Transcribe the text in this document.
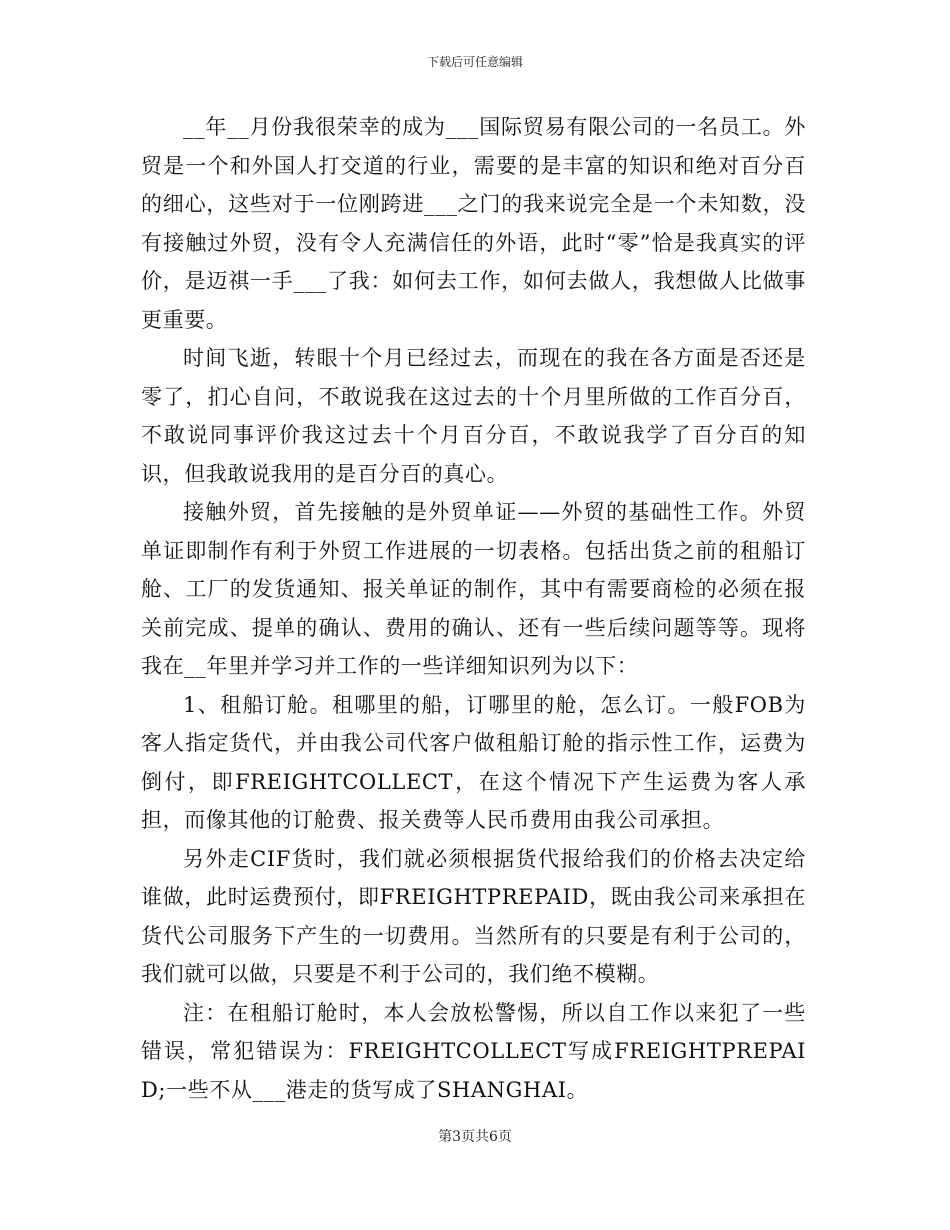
下载后可任意编辑

__年__月份我很荣幸的成为___国际贸易有限公司的一名员工。外贸是一个和外国人打交道的行业，需要的是丰富的知识和绝对百分百的细心，这些对于一位刚跨进___之门的我来说完全是一个未知数，没有接触过外贸，没有令人充满信任的外语，此时“零”恰是我真实的评价，是迈祺一手___了我：如何去工作，如何去做人，我想做人比做事更重要。

时间飞逝，转眼十个月已经过去，而现在的我在各方面是否还是零了，扪心自问，不敢说我在这过去的十个月里所做的工作百分百，不敢说同事评价我这过去十个月百分百，不敢说我学了百分百的知识，但我敢说我用的是百分百的真心。

接触外贸，首先接触的是外贸单证——外贸的基础性工作。外贸单证即制作有利于外贸工作进展的一切表格。包括出货之前的租船订舱、工厂的发货通知、报关单证的制作，其中有需要商检的必须在报关前完成、提单的确认、费用的确认、还有一些后续问题等等。现将我在__年里并学习并工作的一些详细知识列为以下：

1、租船订舱。租哪里的船，订哪里的舱，怎么订。一般FOB为客人指定货代，并由我公司代客户做租船订舱的指示性工作，运费为倒付，即FREIGHTCOLLECT，在这个情况下产生运费为客人承担，而像其他的订舱费、报关费等人民币费用由我公司承担。

另外走CIF货时，我们就必须根据货代报给我们的价格去决定给谁做，此时运费预付，即FREIGHTPREPAID，既由我公司来承担在货代公司服务下产生的一切费用。当然所有的只要是有利于公司的，我们就可以做，只要是不利于公司的，我们绝不模糊。

注：在租船订舱时，本人会放松警惕，所以自工作以来犯了一些错误，常犯错误为：FREIGHTCOLLECT写成FREIGHTPREPAID;一些不从___港走的货写成了SHANGHAI。

第3页共6页
